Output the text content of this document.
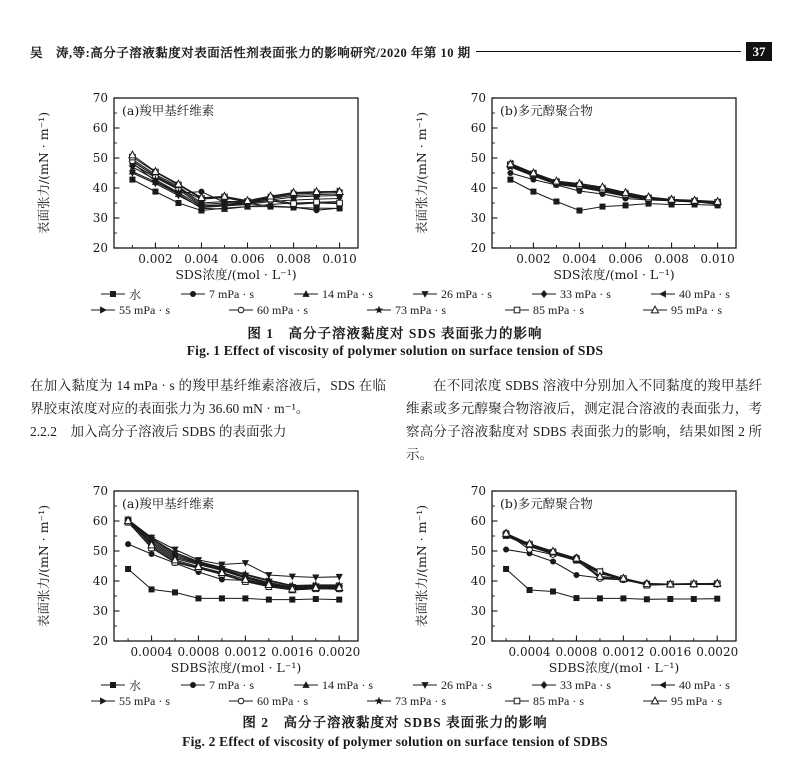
吴　涛,等:高分子溶液黏度对表面活性剂表面张力的影响研究/2020 年第 10 期	37
20
30
40
50
60
70
0.002 0.004 0.006 0.008 0.010
SDS浓度/(mol · L⁻¹)
表面张力/(mN · m⁻¹)
(a)羧甲基纤维素
20
30
40
50
60
70
0.002 0.004 0.006 0.008 0.010
SDS浓度/(mol · L⁻¹)
表面张力/(mN · m⁻¹)
(b)多元醇聚合物
水	7 mPa · s	14 mPa · s	26 mPa · s	33 mPa · s	40 mPa · s
55 mPa · s	60 mPa · s	73 mPa · s	85 mPa · s	95 mPa · s
图 1　高分子溶液黏度对 SDS 表面张力的影响
Fig. 1 Effect of viscosity of polymer solution on surface tension of SDS

在加入黏度为 14 mPa · s 的羧甲基纤维素溶液后，SDS 在临界胶束浓度对应的表面张力为 36.60 mN · m⁻¹。

2.2.2　加入高分子溶液后 SDBS 的表面张力

在不同浓度 SDBS 溶液中分别加入不同黏度的羧甲基纤维素或多元醇聚合物溶液后，测定混合溶液的表面张力，考察高分子溶液黏度对 SDBS 表面张力的影响，结果如图 2 所示。

20
30
40
50
60
70
0.0004 0.0008 0.0012 0.0016 0.0020
SDBS浓度/(mol · L⁻¹)
表面张力/(mN · m⁻¹)
(a)羧甲基纤维素
20
30
40
50
60
70
0.0004 0.0008 0.0012 0.0016 0.0020
SDBS浓度/(mol · L⁻¹)
表面张力/(mN · m⁻¹)
(b)多元醇聚合物
水	7 mPa · s	14 mPa · s	26 mPa · s	33 mPa · s	40 mPa · s
55 mPa · s	60 mPa · s	73 mPa · s	85 mPa · s	95 mPa · s
图 2　高分子溶液黏度对 SDBS 表面张力的影响
Fig. 2 Effect of viscosity of polymer solution on surface tension of SDBS
